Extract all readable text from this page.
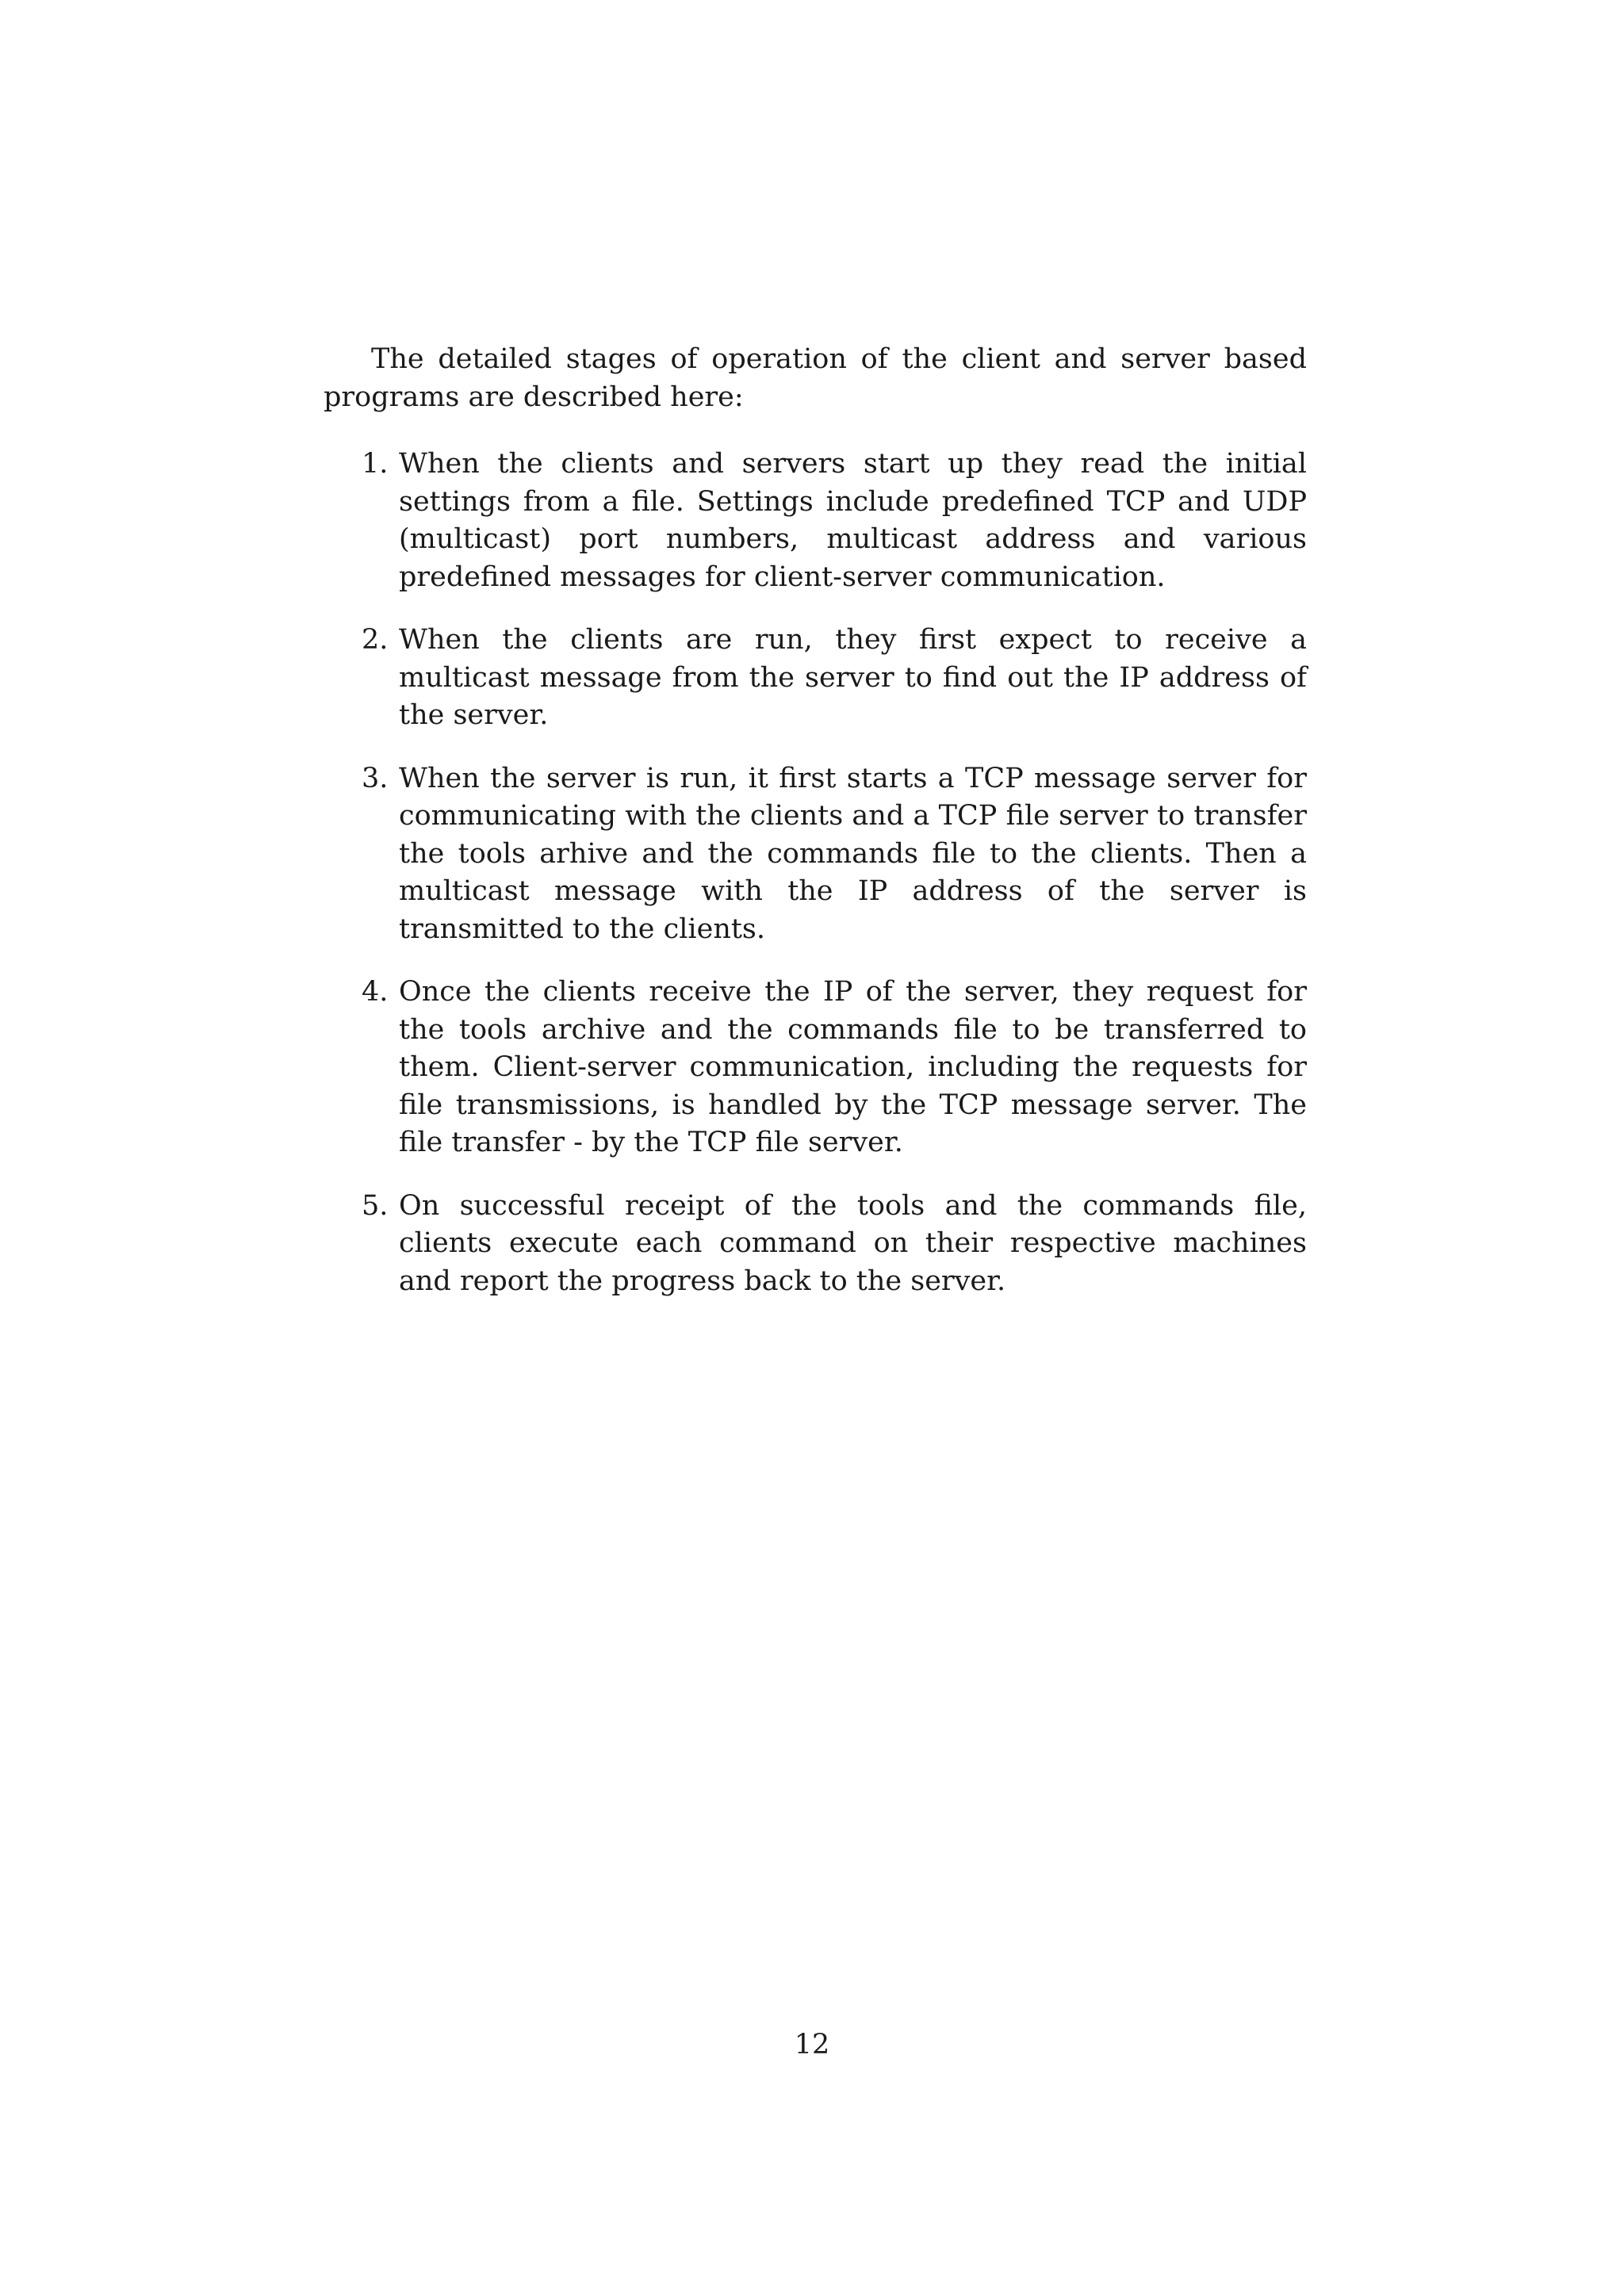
The detailed stages of operation of the client and server based programs are described here:

1. When the clients and servers start up they read the initial settings from a file. Settings include predefined TCP and UDP (multicast) port numbers, multicast address and various predefined messages for client-server communication.
2. When the clients are run, they first expect to receive a multicast message from the server to find out the IP address of the server.
3. When the server is run, it first starts a TCP message server for communicating with the clients and a TCP file server to transfer the tools arhive and the commands file to the clients. Then a multicast message with the IP address of the server is transmitted to the clients.
4. Once the clients receive the IP of the server, they request for the tools archive and the commands file to be transferred to them. Client-server communication, including the requests for file transmissions, is handled by the TCP message server. The file transfer - by the TCP file server.
5. On successful receipt of the tools and the commands file, clients execute each command on their respective machines and report the progress back to the server.
12
